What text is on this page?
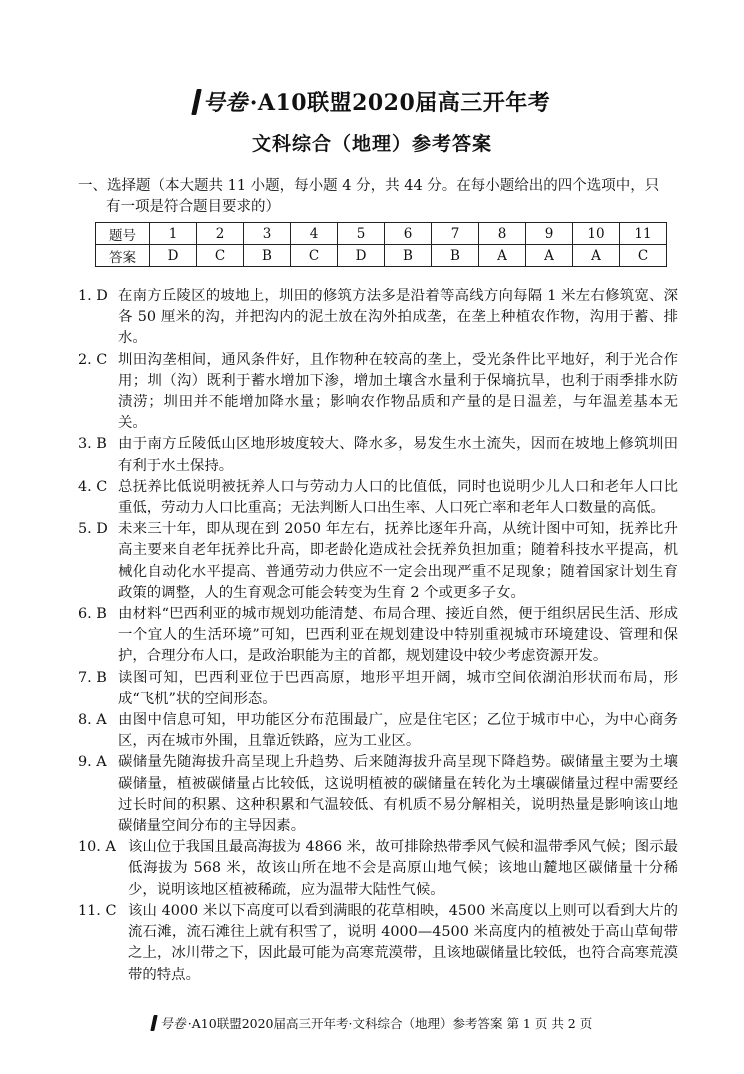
号卷·A10联盟2020届高三开年考
文科综合（地理）参考答案
一、选择题（本大题共 11 小题，每小题 4 分，共 44 分。在每小题给出的四个选项中，只
有一项是符合题目要求的）
题号	1	2	3	4	5	6	7	8	9	10	11
答案	D	C	B	C	D	B	B	A	A	A	C
1. D 在南方丘陵区的坡地上，圳田的修筑方法多是沿着等高线方向每隔 1 米左右修筑宽、深各 50 厘米的沟，并把沟内的泥土放在沟外拍成垄，在垄上种植农作物，沟用于蓄、排水。
2. C 圳田沟垄相间，通风条件好，且作物种在较高的垄上，受光条件比平地好，利于光合作用；圳（沟）既利于蓄水增加下渗，增加土壤含水量利于保墒抗旱，也利于雨季排水防渍涝；圳田并不能增加降水量；影响农作物品质和产量的是日温差，与年温差基本无关。
3. B 由于南方丘陵低山区地形坡度较大、降水多，易发生水土流失，因而在坡地上修筑圳田有利于水土保持。
4. C 总抚养比低说明被抚养人口与劳动力人口的比值低，同时也说明少儿人口和老年人口比重低，劳动力人口比重高；无法判断人口出生率、人口死亡率和老年人口数量的高低。
5. D 未来三十年，即从现在到 2050 年左右，抚养比逐年升高，从统计图中可知，抚养比升高主要来自老年抚养比升高，即老龄化造成社会抚养负担加重；随着科技水平提高，机械化自动化水平提高、普通劳动力供应不一定会出现严重不足现象；随着国家计划生育政策的调整，人的生育观念可能会转变为生育 2 个或更多子女。
6. B 由材料“巴西利亚的城市规划功能清楚、布局合理、接近自然，便于组织居民生活、形成一个宜人的生活环境”可知，巴西利亚在规划建设中特别重视城市环境建设、管理和保护，合理分布人口，是政治职能为主的首都，规划建设中较少考虑资源开发。
7. B 读图可知，巴西利亚位于巴西高原，地形平坦开阔，城市空间依湖泊形状而布局，形成“飞机”状的空间形态。
8. A 由图中信息可知，甲功能区分布范围最广，应是住宅区；乙位于城市中心，为中心商务区，丙在城市外围，且靠近铁路，应为工业区。
9. A 碳储量先随海拔升高呈现上升趋势、后来随海拔升高呈现下降趋势。碳储量主要为土壤碳储量，植被碳储量占比较低，这说明植被的碳储量在转化为土壤碳储量过程中需要经过长时间的积累、这种积累和气温较低、有机质不易分解相关，说明热量是影响该山地碳储量空间分布的主导因素。
10. A 该山位于我国且最高海拔为 4866 米，故可排除热带季风气候和温带季风气候；图示最低海拔为 568 米，故该山所在地不会是高原山地气候；该地山麓地区碳储量十分稀少，说明该地区植被稀疏，应为温带大陆性气候。
11. C 该山 4000 米以下高度可以看到满眼的花草相映，4500 米高度以上则可以看到大片的流石滩，流石滩往上就有积雪了，说明 4000—4500 米高度内的植被处于高山草甸带之上，冰川带之下，因此最可能为高寒荒漠带，且该地碳储量比较低，也符合高寒荒漠带的特点。
号卷 ·A10联盟2020届高三开年考·文科综合（地理）参考答案 第 1 页 共 2 页
